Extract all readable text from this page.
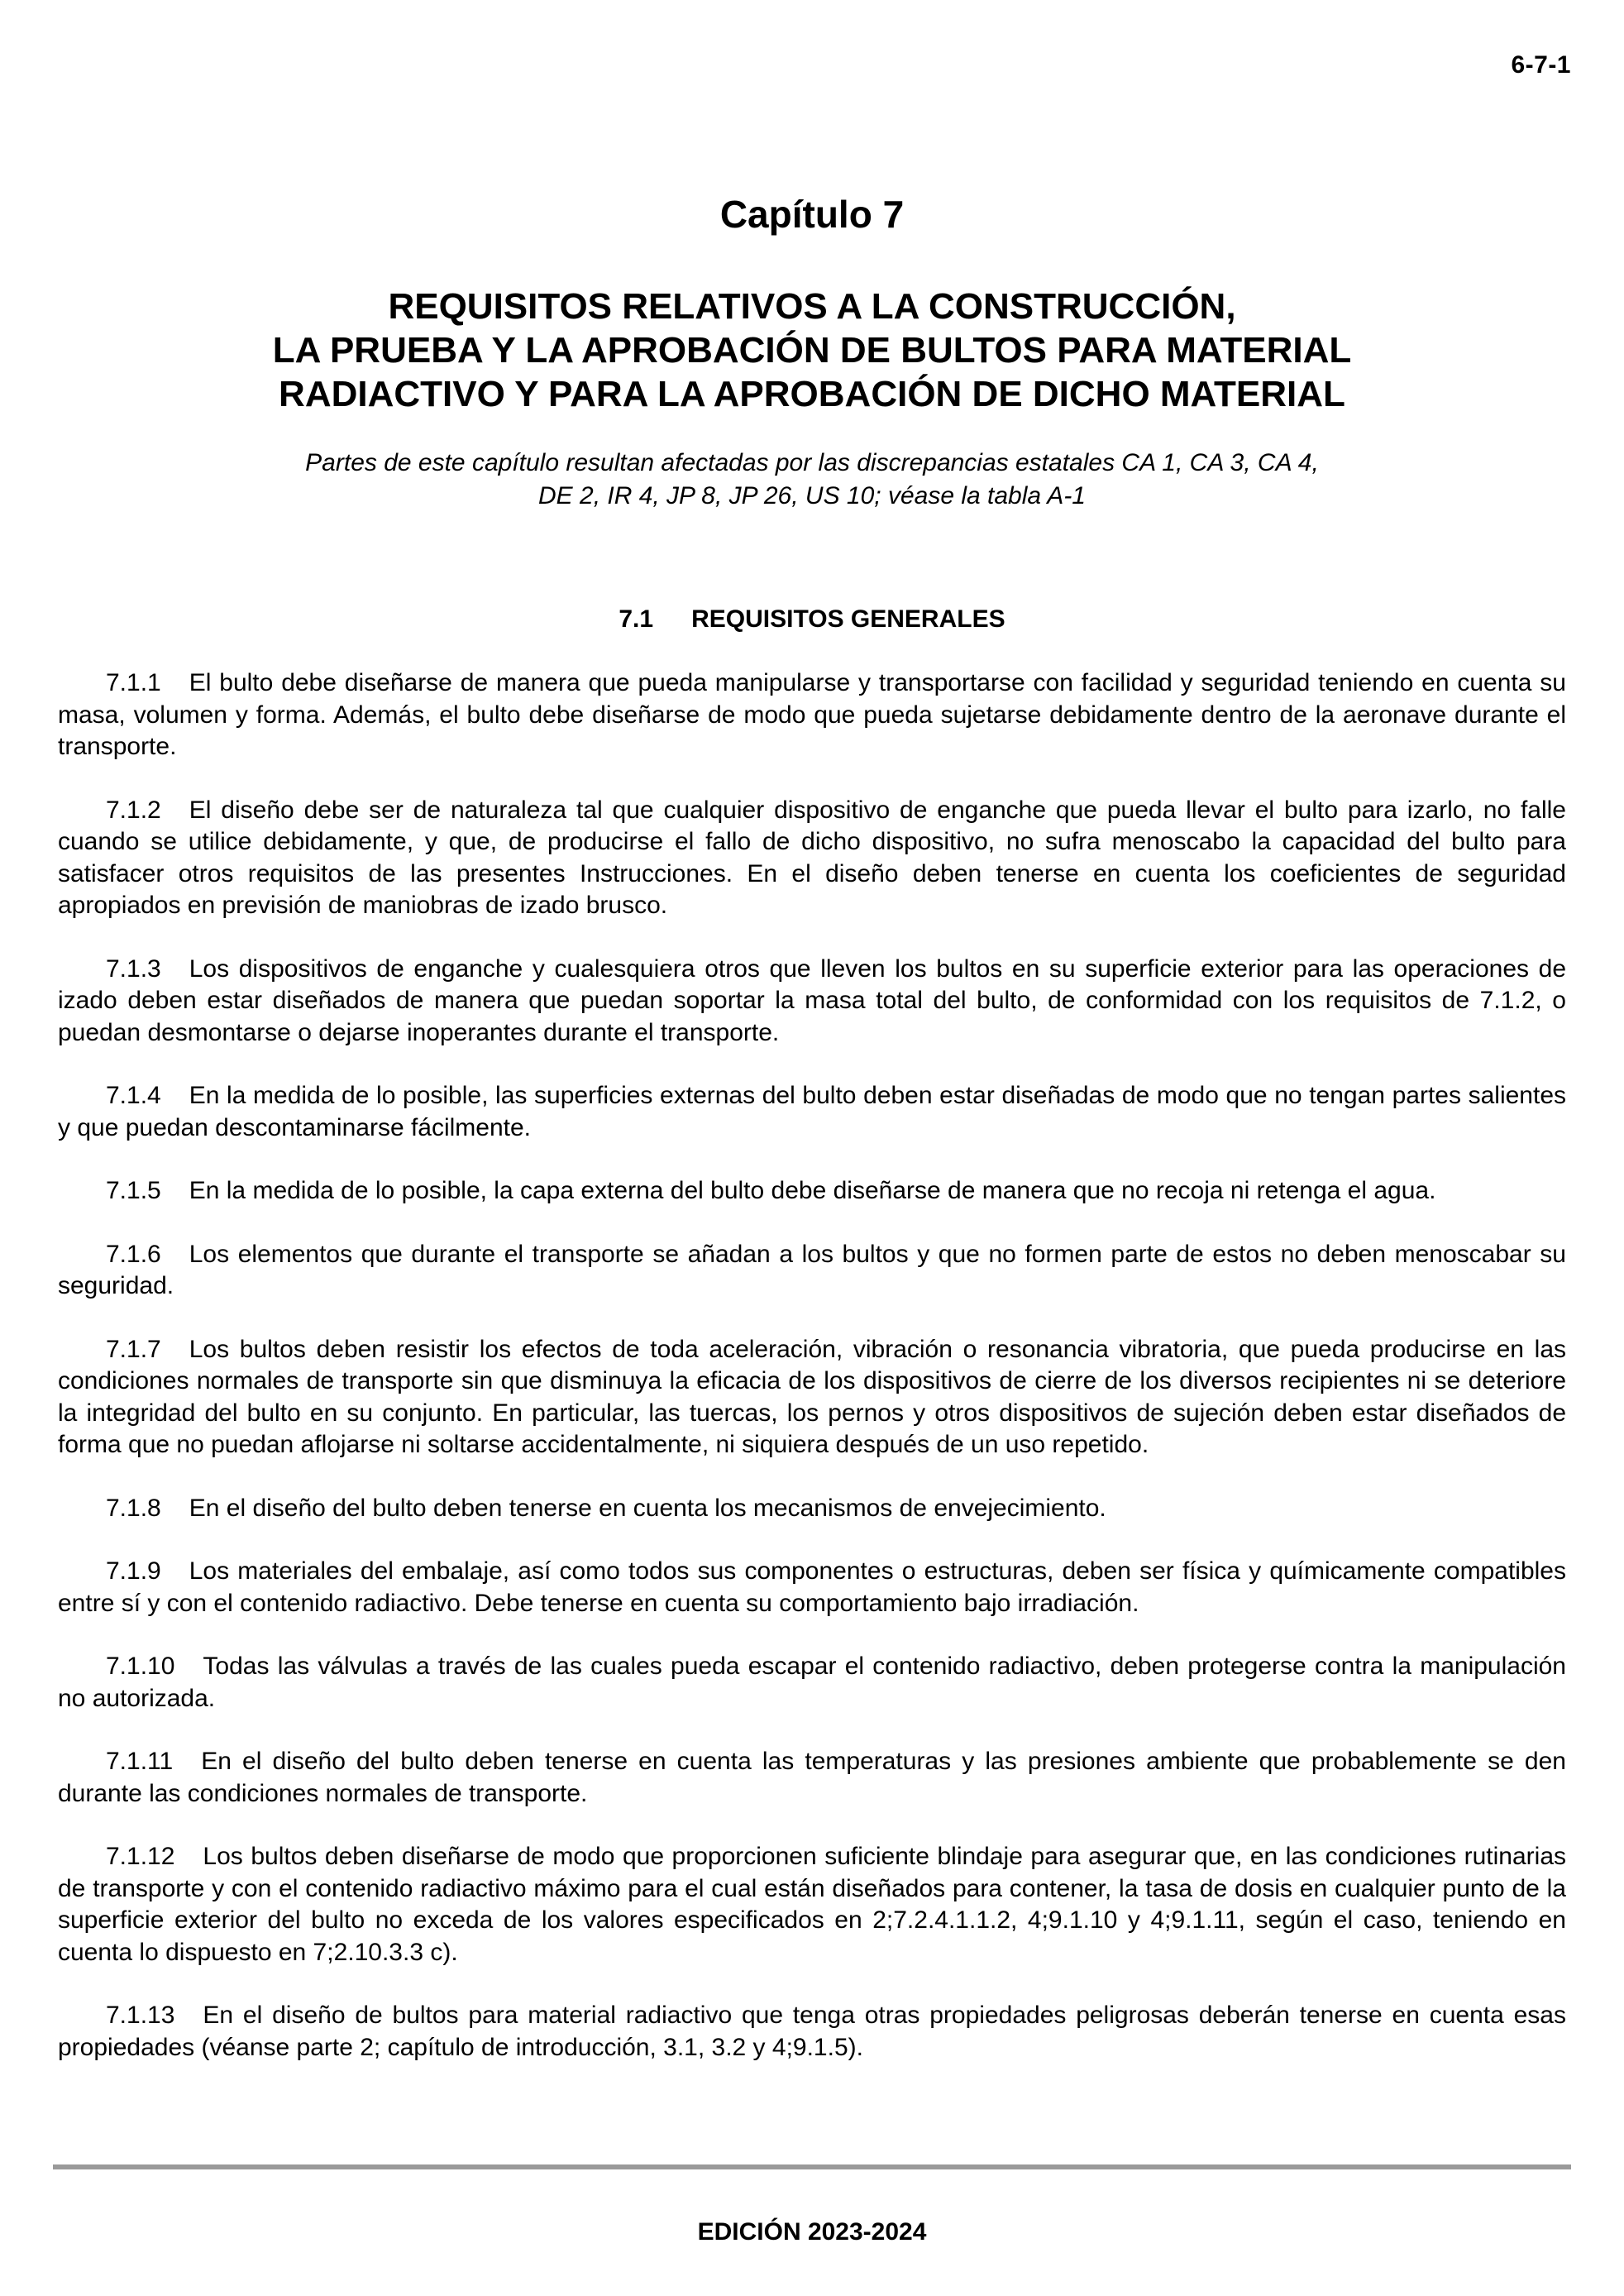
6-7-1
Capítulo 7
REQUISITOS RELATIVOS A LA CONSTRUCCIÓN,
LA PRUEBA Y LA APROBACIÓN DE BULTOS PARA MATERIAL
RADIACTIVO Y PARA LA APROBACIÓN DE DICHO MATERIAL
Partes de este capítulo resultan afectadas por las discrepancias estatales CA 1, CA 3, CA 4,
DE 2, IR 4, JP 8, JP 26, US 10; véase la tabla A-1
7.1 REQUISITOS GENERALES

7.1.1 El bulto debe diseñarse de manera que pueda manipularse y transportarse con facilidad y seguridad teniendo en cuenta su masa, volumen y forma. Además, el bulto debe diseñarse de modo que pueda sujetarse debidamente dentro de la aeronave durante el transporte.

7.1.2 El diseño debe ser de naturaleza tal que cualquier dispositivo de enganche que pueda llevar el bulto para izarlo, no falle cuando se utilice debidamente, y que, de producirse el fallo de dicho dispositivo, no sufra menoscabo la capacidad del bulto para satisfacer otros requisitos de las presentes Instrucciones. En el diseño deben tenerse en cuenta los coeficientes de seguridad apropiados en previsión de maniobras de izado brusco.

7.1.3 Los dispositivos de enganche y cualesquiera otros que lleven los bultos en su superficie exterior para las operaciones de izado deben estar diseñados de manera que puedan soportar la masa total del bulto, de conformidad con los requisitos de 7.1.2, o puedan desmontarse o dejarse inoperantes durante el transporte.

7.1.4 En la medida de lo posible, las superficies externas del bulto deben estar diseñadas de modo que no tengan partes salientes y que puedan descontaminarse fácilmente.

7.1.5 En la medida de lo posible, la capa externa del bulto debe diseñarse de manera que no recoja ni retenga el agua.

7.1.6 Los elementos que durante el transporte se añadan a los bultos y que no formen parte de estos no deben menoscabar su seguridad.

7.1.7 Los bultos deben resistir los efectos de toda aceleración, vibración o resonancia vibratoria, que pueda producirse en las condiciones normales de transporte sin que disminuya la eficacia de los dispositivos de cierre de los diversos recipientes ni se deteriore la integridad del bulto en su conjunto. En particular, las tuercas, los pernos y otros dispositivos de sujeción deben estar diseñados de forma que no puedan aflojarse ni soltarse accidentalmente, ni siquiera después de un uso repetido.

7.1.8 En el diseño del bulto deben tenerse en cuenta los mecanismos de envejecimiento.

7.1.9 Los materiales del embalaje, así como todos sus componentes o estructuras, deben ser física y químicamente compatibles entre sí y con el contenido radiactivo. Debe tenerse en cuenta su comportamiento bajo irradiación.

7.1.10 Todas las válvulas a través de las cuales pueda escapar el contenido radiactivo, deben protegerse contra la manipulación no autorizada.

7.1.11 En el diseño del bulto deben tenerse en cuenta las temperaturas y las presiones ambiente que probablemente se den durante las condiciones normales de transporte.

7.1.12 Los bultos deben diseñarse de modo que proporcionen suficiente blindaje para asegurar que, en las condiciones rutinarias de transporte y con el contenido radiactivo máximo para el cual están diseñados para contener, la tasa de dosis en cualquier punto de la superficie exterior del bulto no exceda de los valores especificados en 2;7.2.4.1.1.2, 4;9.1.10 y 4;9.1.11, según el caso, teniendo en cuenta lo dispuesto en 7;2.10.3.3 c).

7.1.13 En el diseño de bultos para material radiactivo que tenga otras propiedades peligrosas deberán tenerse en cuenta esas propiedades (véanse parte 2; capítulo de introducción, 3.1, 3.2 y 4;9.1.5).

EDICIÓN 2023-2024
